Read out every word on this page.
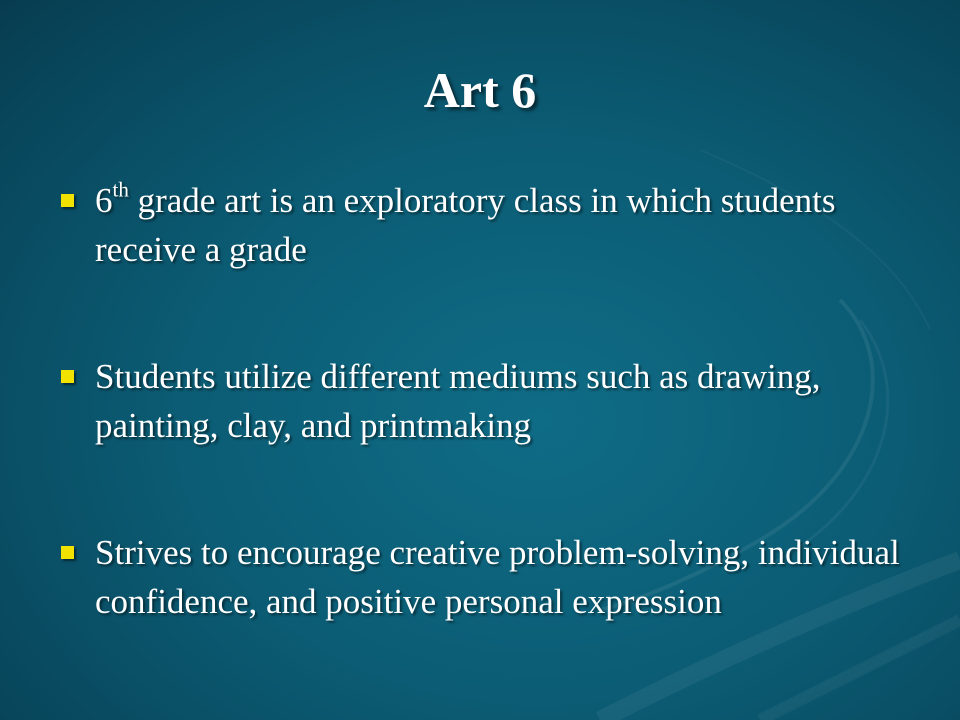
Art 6
6th grade art is an exploratory class in which students receive a grade
Students utilize different mediums such as drawing, painting, clay, and printmaking
Strives to encourage creative problem-solving, individual confidence, and positive personal expression
